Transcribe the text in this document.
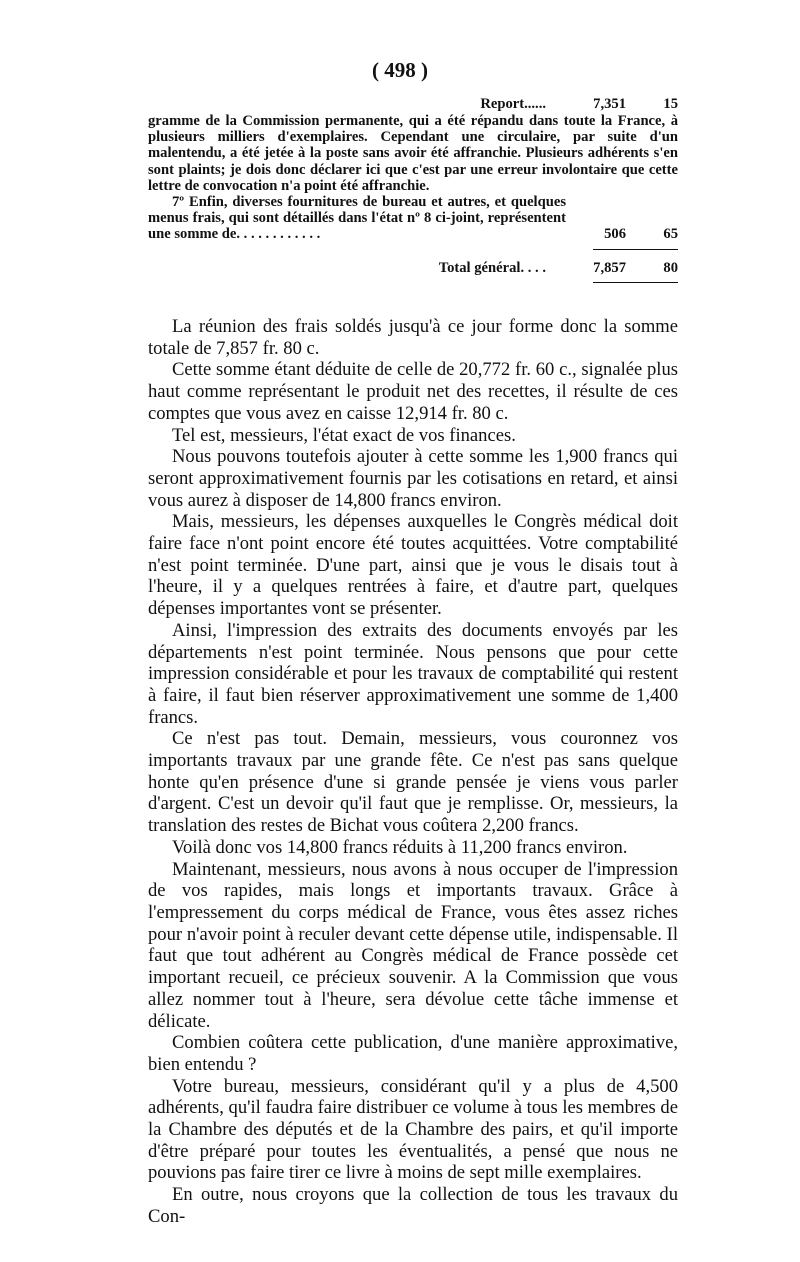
( 498 )
Report......	7,351	15

gramme de la Commission permanente, qui a été répandu dans toute la France, à plusieurs milliers d'exemplaires. Cependant une circulaire, par suite d'un malentendu, a été jetée à la poste sans avoir été affranchie. Plusieurs adhérents s'en sont plaints; je dois donc déclarer ici que c'est par une erreur involontaire que cette lettre de convocation n'a point été affranchie.

7º Enfin, diverses fournitures de bureau et autres, et quelques menus frais, qui sont détaillés dans l'état nº 8 ci-joint, représentent une somme de. . . . . . . . . . . .	506	65
Total général. . . .	7,857	80

La réunion des frais soldés jusqu'à ce jour forme donc la somme totale de 7,857 fr. 80 c.

Cette somme étant déduite de celle de 20,772 fr. 60 c., signalée plus haut comme représentant le produit net des recettes, il résulte de ces comptes que vous avez en caisse 12,914 fr. 80 c.

Tel est, messieurs, l'état exact de vos finances.

Nous pouvons toutefois ajouter à cette somme les 1,900 francs qui seront approximativement fournis par les cotisations en retard, et ainsi vous aurez à disposer de 14,800 francs environ.

Mais, messieurs, les dépenses auxquelles le Congrès médical doit faire face n'ont point encore été toutes acquittées. Votre comptabilité n'est point terminée. D'une part, ainsi que je vous le disais tout à l'heure, il y a quelques rentrées à faire, et d'autre part, quelques dépenses importantes vont se présenter.

Ainsi, l'impression des extraits des documents envoyés par les départements n'est point terminée. Nous pensons que pour cette impression considérable et pour les travaux de comptabilité qui restent à faire, il faut bien réserver approximativement une somme de 1,400 francs.

Ce n'est pas tout. Demain, messieurs, vous couronnez vos importants travaux par une grande fête. Ce n'est pas sans quelque honte qu'en présence d'une si grande pensée je viens vous parler d'argent. C'est un devoir qu'il faut que je remplisse. Or, messieurs, la translation des restes de Bichat vous coûtera 2,200 francs.

Voilà donc vos 14,800 francs réduits à 11,200 francs environ.

Maintenant, messieurs, nous avons à nous occuper de l'impression de vos rapides, mais longs et importants travaux. Grâce à l'empressement du corps médical de France, vous êtes assez riches pour n'avoir point à reculer devant cette dépense utile, indispensable. Il faut que tout adhérent au Congrès médical de France possède cet important recueil, ce précieux souvenir. A la Commission que vous allez nommer tout à l'heure, sera dévolue cette tâche immense et délicate.

Combien coûtera cette publication, d'une manière approximative, bien entendu ?

Votre bureau, messieurs, considérant qu'il y a plus de 4,500 adhérents, qu'il faudra faire distribuer ce volume à tous les membres de la Chambre des députés et de la Chambre des pairs, et qu'il importe d'être préparé pour toutes les éventualités, a pensé que nous ne pouvions pas faire tirer ce livre à moins de sept mille exemplaires.

En outre, nous croyons que la collection de tous les travaux du Con-
